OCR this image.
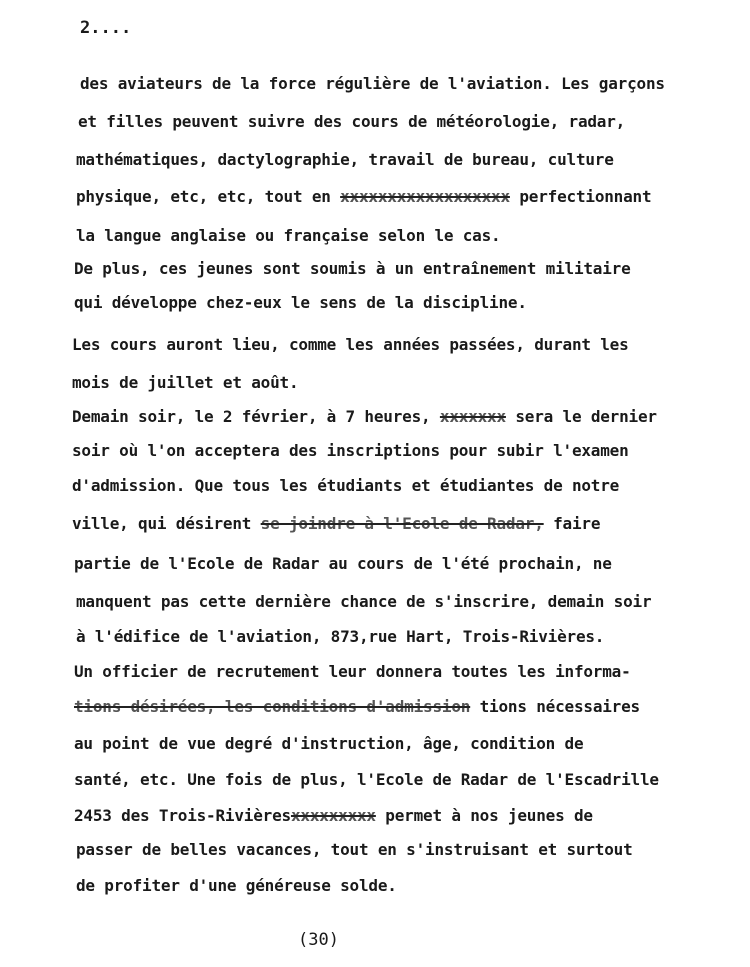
2....
des aviateurs de la force régulière de l'aviation. Les garçons
et filles peuvent suivre des cours de météorologie, radar,
mathématiques, dactylographie, travail de bureau, culture
physique, etc, etc, tout en xxxxxxxxxxxxxxxxxx perfectionnant
la langue anglaise ou française selon le cas.
De plus, ces jeunes sont soumis à un entraînement militaire
qui développe chez-eux le sens de la discipline.
Les cours auront lieu, comme les années passées, durant les
mois de juillet et août.
Demain soir, le 2 février, à 7 heures, xxxxxxx sera le dernier
soir où l'on acceptera des inscriptions pour subir l'examen
d'admission. Que tous les étudiants et étudiantes de notre
ville, qui désirent se joindre à l'Ecole de Radar, faire
partie de l'Ecole de Radar au cours de l'été prochain, ne
manquent pas cette dernière chance de s'inscrire, demain soir
à l'édifice de l'aviation, 873,rue Hart, Trois-Rivières.
Un officier de recrutement leur donnera toutes les informa-
tions désirées, les conditions d'admission tions nécessaires
au point de vue degré d'instruction, âge, condition de
santé, etc. Une fois de plus, l'Ecole de Radar de l'Escadrille
2453 des Trois-Rivièresxxxxxxxxx permet à nos jeunes de
passer de belles vacances, tout en s'instruisant et surtout
de profiter d'une généreuse solde.
(30)
